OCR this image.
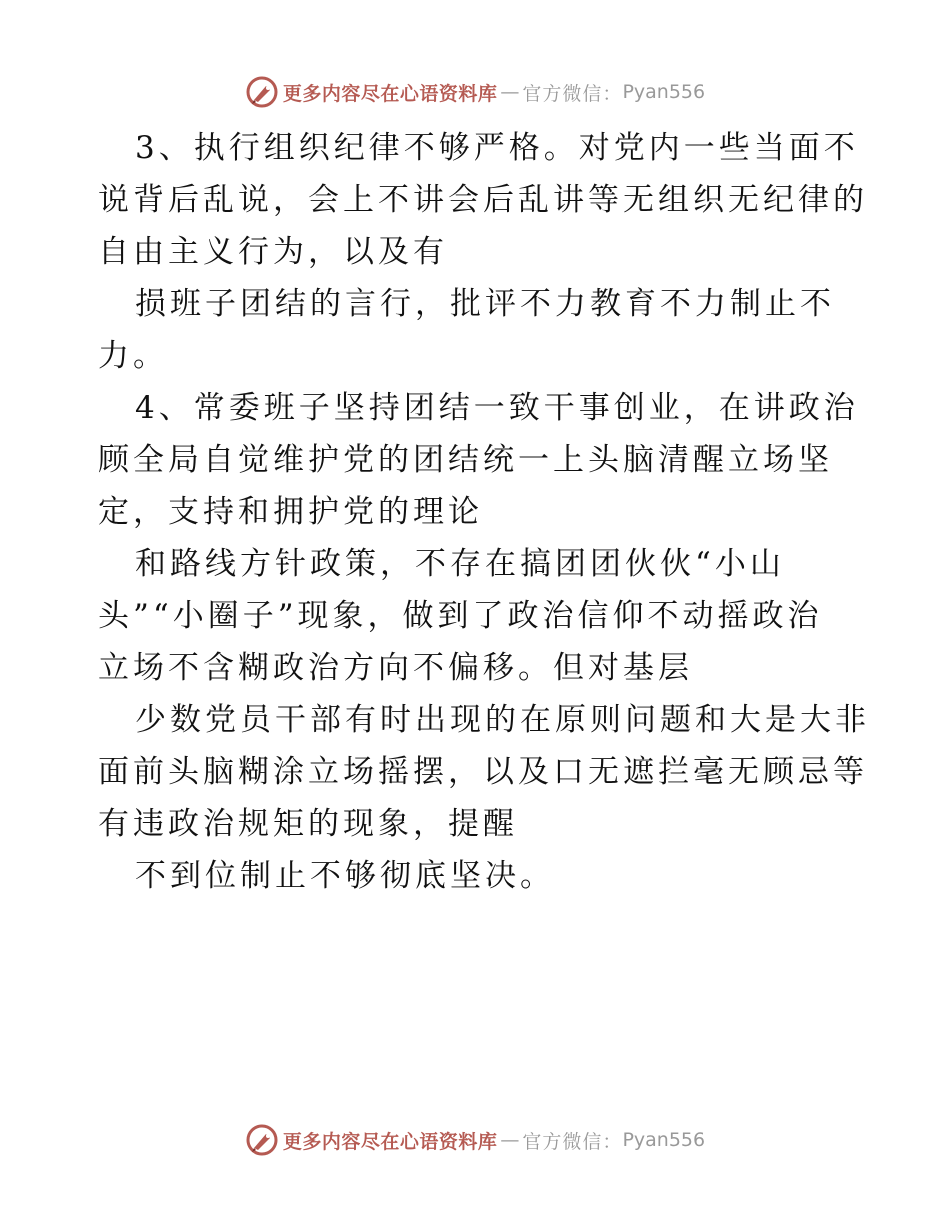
更多内容尽在心语资料库 — 官方微信： Pyan556
3、执行组织纪律不够严格。对党内一些当面不
说背后乱说，会上不讲会后乱讲等无组织无纪律的
自由主义行为，以及有
损班子团结的言行，批评不力教育不力制止不
力。
4、常委班子坚持团结一致干事创业，在讲政治
顾全局自觉维护党的团结统一上头脑清醒立场坚
定，支持和拥护党的理论
和路线方针政策，不存在搞团团伙伙“小山
头”“小圈子”现象，做到了政治信仰不动摇政治
立场不含糊政治方向不偏移。但对基层
少数党员干部有时出现的在原则问题和大是大非
面前头脑糊涂立场摇摆，以及口无遮拦毫无顾忌等
有违政治规矩的现象，提醒
不到位制止不够彻底坚决。
更多内容尽在心语资料库 — 官方微信： Pyan556
